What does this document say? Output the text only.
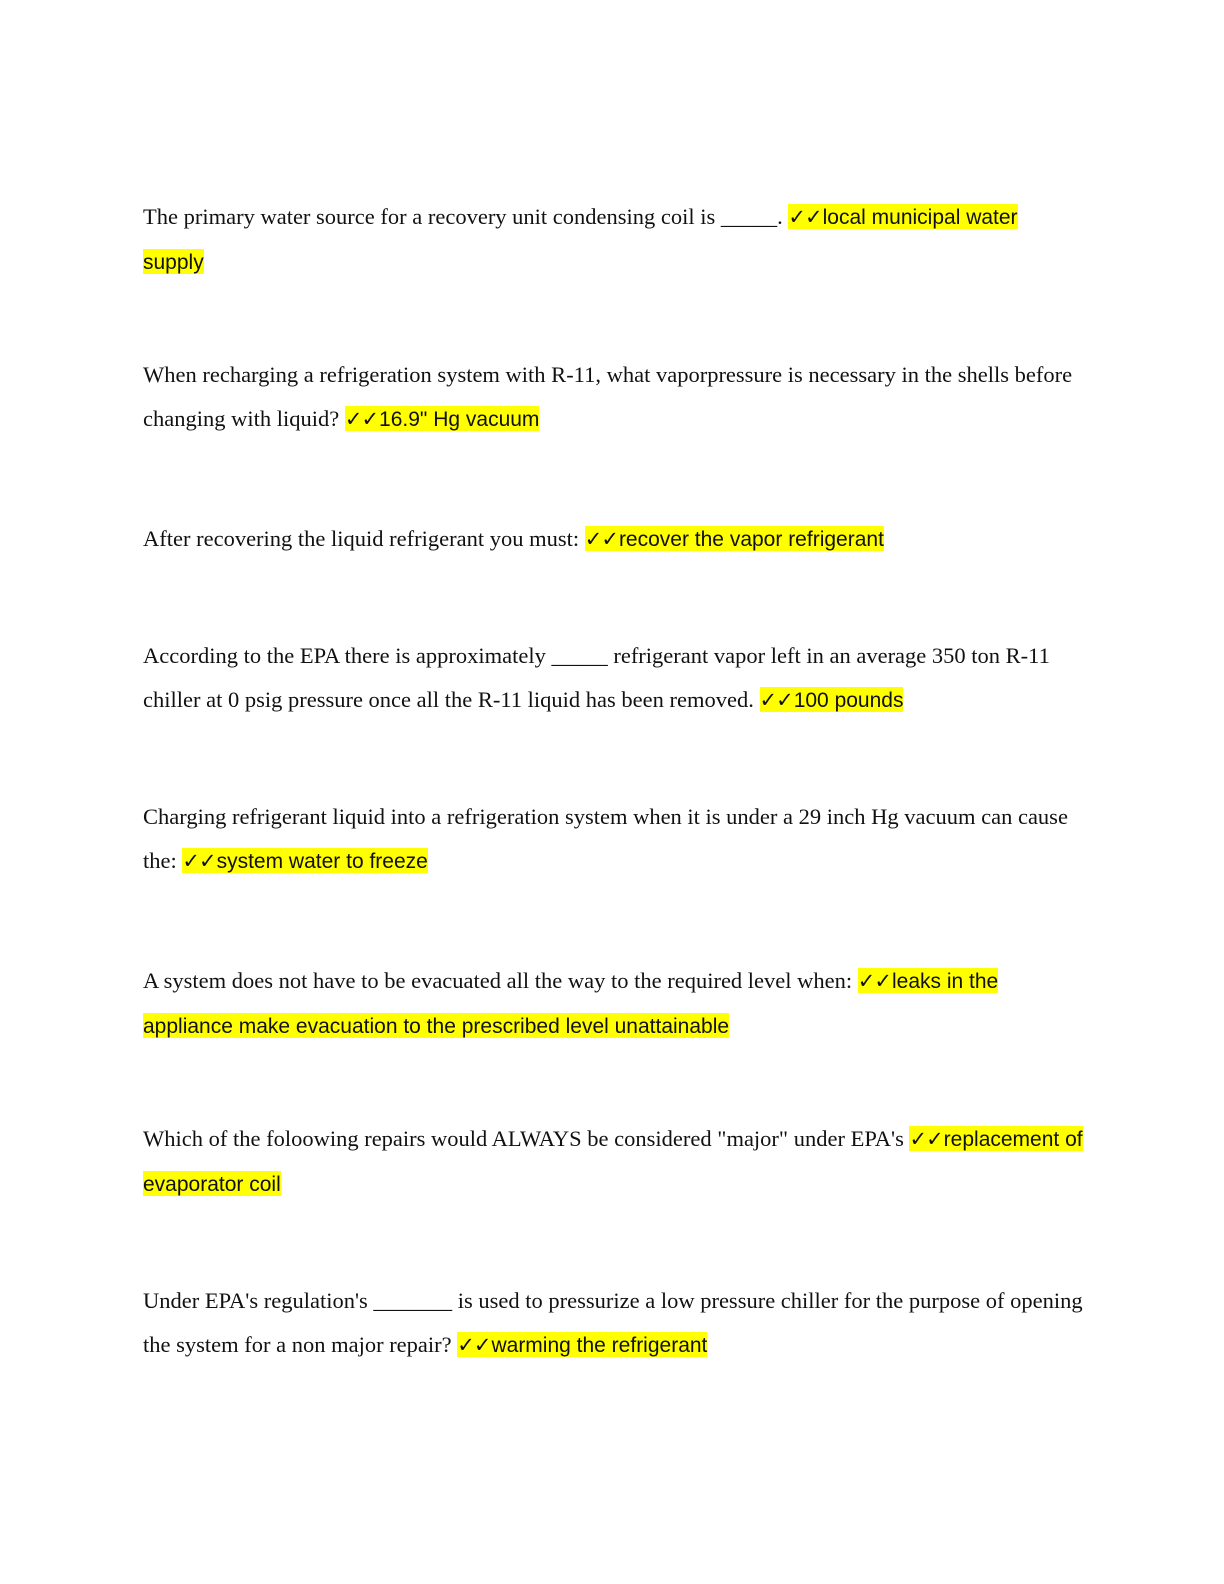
The primary water source for a recovery unit condensing coil is _____. ✓✓local municipal water supply
When recharging a refrigeration system with R-11, what vaporpressure is necessary in the shells before changing with liquid? ✓✓16.9" Hg vacuum
After recovering the liquid refrigerant you must: ✓✓recover the vapor refrigerant
According to the EPA there is approximately _____ refrigerant vapor left in an average 350 ton R-11 chiller at 0 psig pressure once all the R-11 liquid has been removed. ✓✓100 pounds
Charging refrigerant liquid into a refrigeration system when it is under a 29 inch Hg vacuum can cause the: ✓✓system water to freeze
A system does not have to be evacuated all the way to the required level when: ✓✓leaks in the appliance make evacuation to the prescribed level unattainable
Which of the foloowing repairs would ALWAYS be considered "major" under EPA's ✓✓replacement of evaporator coil
Under EPA's regulation's _______ is used to pressurize a low pressure chiller for the purpose of opening the system for a non major repair? ✓✓warming the refrigerant
